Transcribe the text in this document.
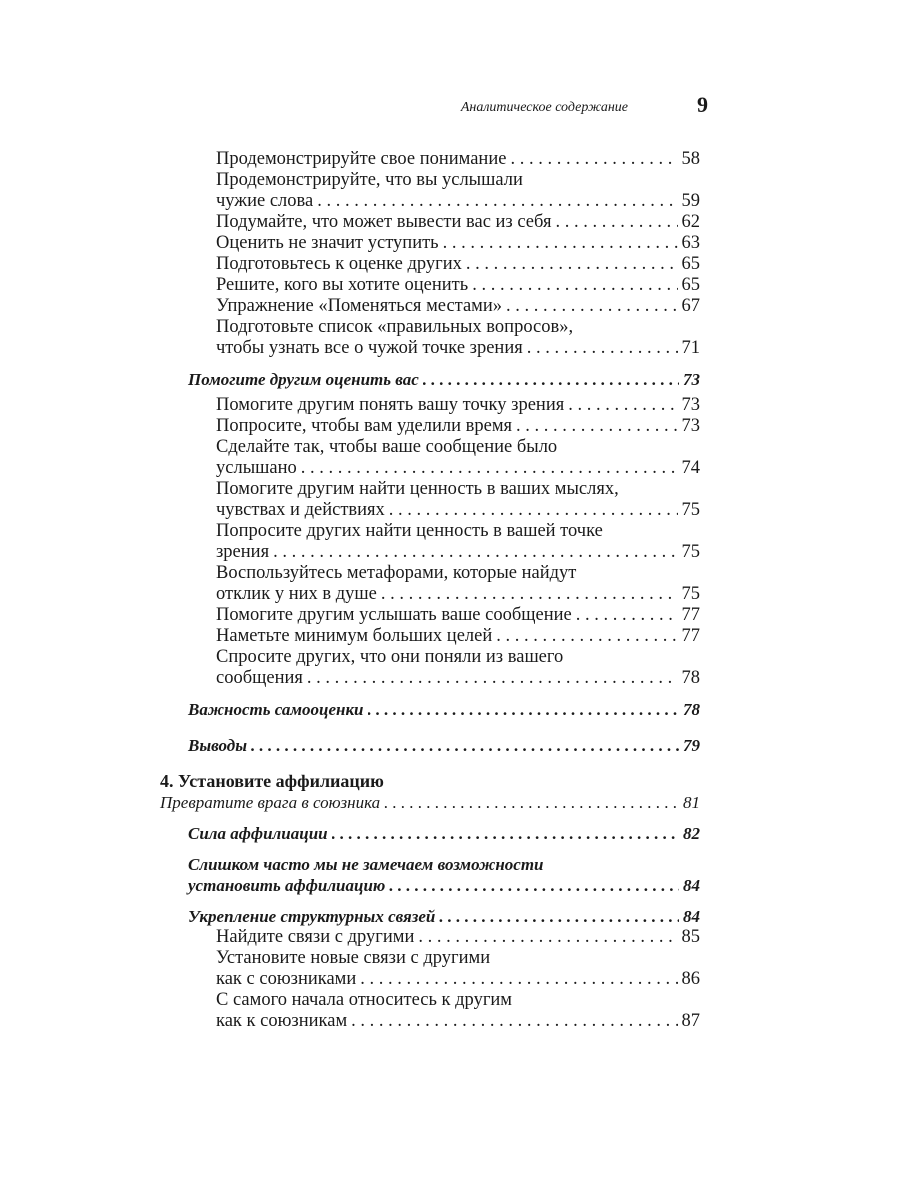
Аналитическое содержание	9
Продемонстрируйте свое понимание . . .	58
Продемонстрируйте, что вы услышали
чужие слова . . .	59
Подумайте, что может вывести вас из себя . . .	62
Оценить не значит уступить . . .	63
Подготовьтесь к оценке других . . .	65
Решите, кого вы хотите оценить . . .	65
Упражнение «Поменяться местами» . . .	67
Подготовьте список «правильных вопросов»,
чтобы узнать все о чужой точке зрения . . .	71
Помогите другим оценить вас . . .	73
Помогите другим понять вашу точку зрения . . .	73
Попросите, чтобы вам уделили время . . .	73
Сделайте так, чтобы ваше сообщение было
услышано . . .	74
Помогите другим найти ценность в ваших мыслях,
чувствах и действиях . . .	75
Попросите других найти ценность в вашей точке
зрения . . .	75
Воспользуйтесь метафорами, которые найдут
отклик у них в душе . . .	75
Помогите другим услышать ваше сообщение . . .	77
Наметьте минимум больших целей . . .	77
Спросите других, что они поняли из вашего
сообщения . . .	78
Важность самооценки . . .	78
Выводы . . .	79
4. Установите аффилиацию
Превратите врага в союзника . . .	81
Сила аффилиации . . .	82
Слишком часто мы не замечаем возможности
установить аффилиацию . . .	84
Укрепление структурных связей . . .	84
Найдите связи с другими . . .	85
Установите новые связи с другими
как с союзниками . . .	86
С самого начала относитесь к другим
как к союзникам . . .	87
